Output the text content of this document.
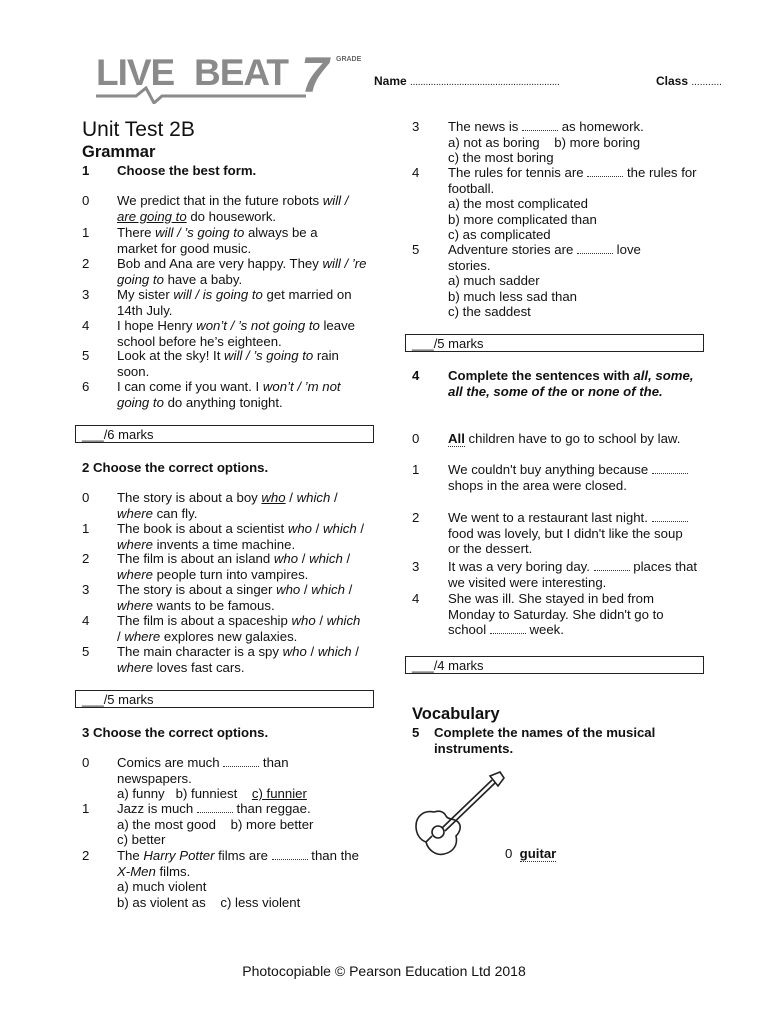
LIVE BEAT 7 GRADE
Name ..........................................................	Class ...........
Unit Test 2B
Grammar
1 Choose the best form.
0 We predict that in the future robots will / are going to do housework.
1 There will / ’s going to always be a market for good music.
2 Bob and Ana are very happy. They will / ’re going to have a baby.
3 My sister will / is going to get married on 14th July.
4 I hope Henry won’t / ’s not going to leave school before he’s eighteen.
5 Look at the sky! It will / ’s going to rain soon.
6 I can come if you want. I won’t / ’m not going to do anything tonight.
___/6 marks
2 Choose the correct options.
0 The story is about a boy who / which / where can fly.
1 The book is about a scientist who / which / where invents a time machine.
2 The film is about an island who / which / where people turn into vampires.
3 The story is about a singer who / which / where wants to be famous.
4 The film is about a spaceship who / which / where explores new galaxies.
5 The main character is a spy who / which / where loves fast cars.
___/5 marks
3 Choose the correct options.
0 Comics are much	than newspapers.
a) funny b) funniest c) funnier
1 Jazz is much	than reggae.
a) the most good b) more better
c) better
2 The Harry Potter films are	than the X-Men films.
a) much violent
b) as violent as c) less violent
3 The news is	as homework.
a) not as boring b) more boring
c) the most boring
4 The rules for tennis are	the rules for football.
a) the most complicated
b) more complicated than
c) as complicated
5 Adventure stories are	love stories.
a) much sadder
b) much less sad than
c) the saddest
___/5 marks
4 Complete the sentences with all, some, all the, some of the or none of the.
0 All children have to go to school by law.
1 We couldn't buy anything because  shops in the area were closed.
2 We went to a restaurant last night.  food was lovely, but I didn't like the soup or the dessert.
3 It was a very boring day.	places that we visited were interesting.
4 She was ill. She stayed in bed from Monday to Saturday. She didn't go to school	week.
___/4 marks
Vocabulary
5 Complete the names of the musical instruments.
0 guitar
Photocopiable © Pearson Education Ltd 2018
